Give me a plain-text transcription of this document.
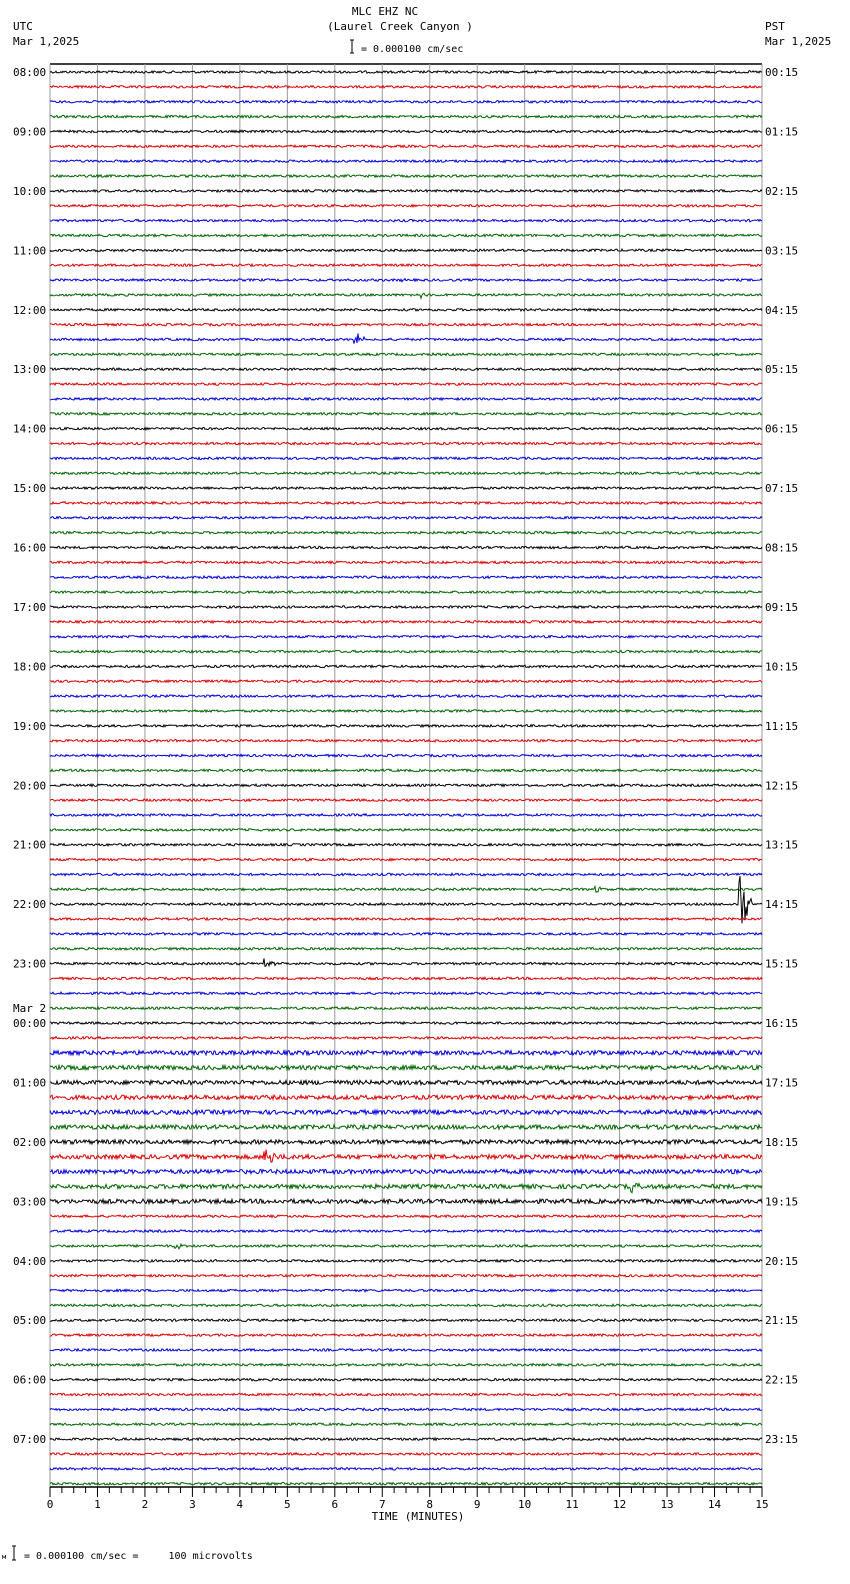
MLC EHZ NC
(Laurel Creek Canyon )
UTC
Mar 1,2025
PST
Mar 1,2025
= 0.000100 cm/sec
08:00
09:00
10:00
11:00
12:00
13:00
14:00
15:00
16:00
17:00
18:00
19:00
20:00
21:00
22:00
23:00
00:00
Mar 2
01:00
02:00
03:00
04:00
05:00
06:00
07:00
00:15
01:15
02:15
03:15
04:15
05:15
06:15
07:15
08:15
09:15
10:15
11:15
12:15
13:15
14:15
15:15
16:15
17:15
18:15
19:15
20:15
21:15
22:15
23:15
0	1	2	3	4	5	6	7	8	9	10	11	12	13	14	15
TIME (MINUTES)
м = 0.000100 cm/sec =     100 microvolts
